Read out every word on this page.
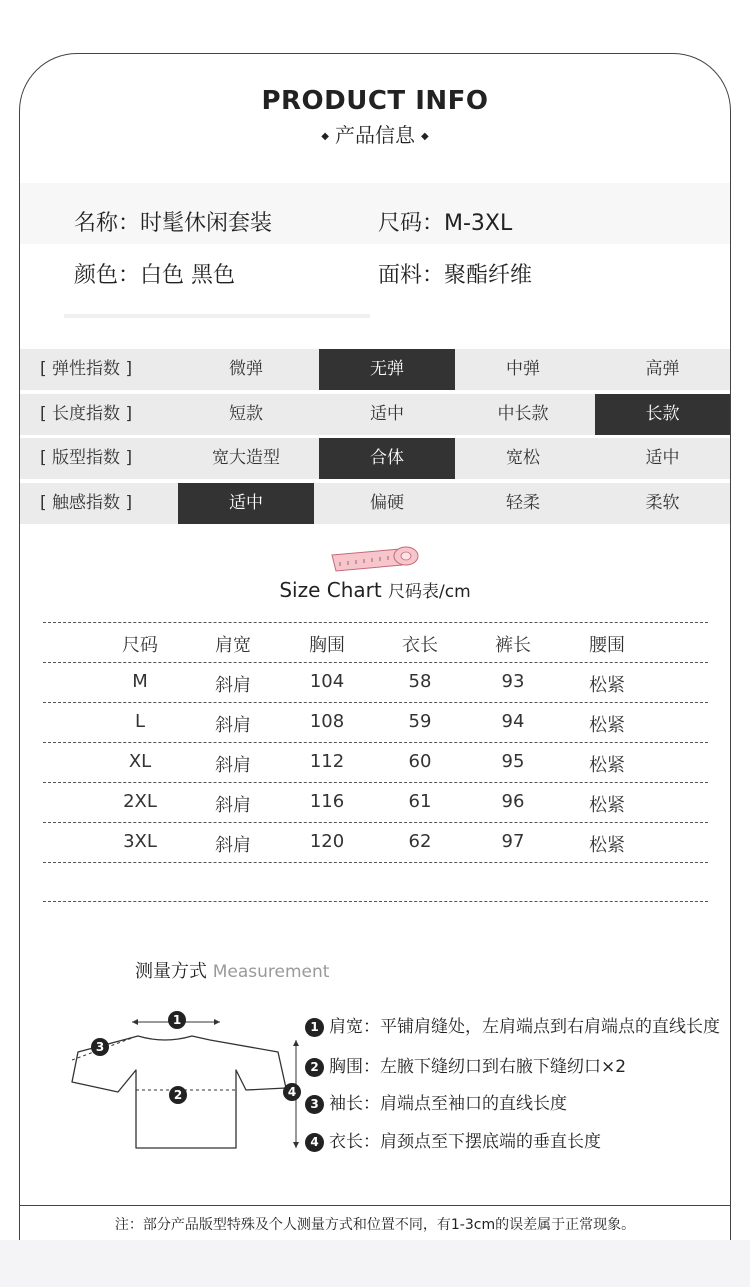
PRODUCT INFO
◆ 产品信息 ◆
名称：时髦休闲套装	尺码：M-3XL
颜色：白色 黑色	面料：聚酯纤维
[ 弹性指数 ]	微弹	无弹	中弹	高弹
[ 长度指数 ]	短款	适中	中长款	长款
[ 版型指数 ]	宽大造型	合体	宽松	适中
[ 触感指数 ]	适中	偏硬	轻柔	柔软
Size Chart 尺码表/cm
尺码	肩宽	胸围	衣长	裤长	腰围
M	斜肩	104	58	93	松紧
L	斜肩	108	59	94	松紧
XL	斜肩	112	60	95	松紧
2XL	斜肩	116	61	96	松紧
3XL	斜肩	120	62	97	松紧
测量方式 Measurement
1
2
3
4
1 肩宽：平铺肩缝处，左肩端点到右肩端点的直线长度
2 胸围：左腋下缝纫口到右腋下缝纫口×2
3 袖长：肩端点至袖口的直线长度
4 衣长：肩颈点至下摆底端的垂直长度
注：部分产品版型特殊及个人测量方式和位置不同，有1-3cm的误差属于正常现象。
